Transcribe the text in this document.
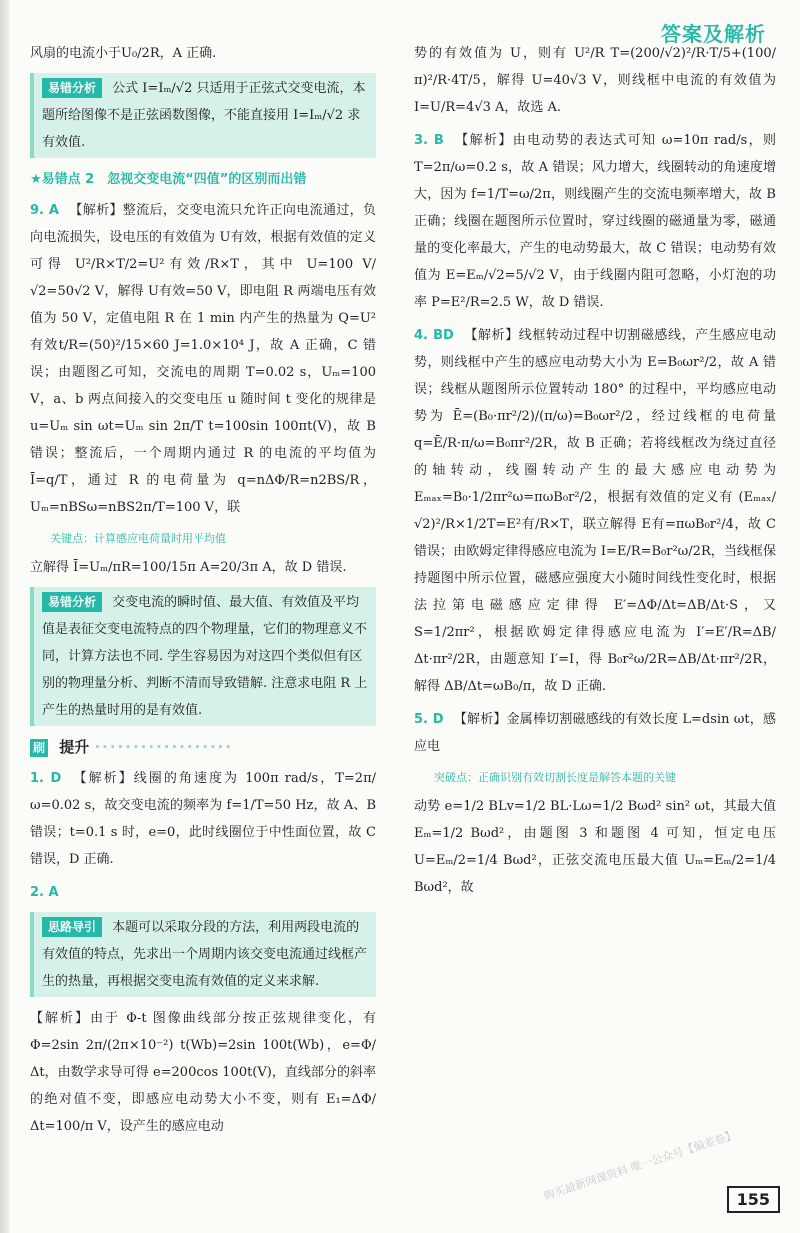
答案及解析

风扇的电流小于U₀/2R，A 正确.

易错分析 公式 I=Iₘ/√2 只适用于正弦式交变电流，本题所给图像不是正弦函数图像，不能直接用 I=Iₘ/√2 求有效值.
★易错点 2　忽视交变电流“四值”的区别而出错

9. A 【解析】整流后，交变电流只允许正向电流通过，负向电流损失，设电压的有效值为 U有效，根据有效值的定义可得 U²/R×T/2=U²有效/R×T，其中 U=100 V/√2=50√2 V，解得 U有效=50 V，即电阻 R 两端电压有效值为 50 V，定值电阻 R 在 1 min 内产生的热量为 Q=U²有效t/R=(50)²/15×60 J=1.0×10⁴ J，故 A 正确，C 错误；由题图乙可知，交流电的周期 T=0.02 s，Uₘ=100 V，a、b 两点间接入的交变电压 u 随时间 t 变化的规律是 u=Uₘ sin ωt=Uₘ sin 2π/T t=100sin 100πt(V)，故 B 错误；整流后，一个周期内通过 R 的电流的平均值为 Ī=q/T，通过 R 的电荷量为 q=nΔΦ/R=n2BS/R，Uₘ=nBSω=nBS2π/T=100 V，联

关键点：计算感应电荷量时用平均值

立解得 Ī=Uₘ/πR=100/15π A=20/3π A，故 D 错误.

易错分析 交变电流的瞬时值、最大值、有效值及平均值是表征交变电流特点的四个物理量，它们的物理意义不同，计算方法也不同. 学生容易因为对这四个类似但有区别的物理量分析、判断不清而导致错解. 注意求电阻 R 上产生的热量时用的是有效值.
刷 提升 ··················

1. D 【解析】线圈的角速度为 100π rad/s，T=2π/ω=0.02 s，故交变电流的频率为 f=1/T=50 Hz，故 A、B 错误；t=0.1 s 时，e=0，此时线圈位于中性面位置，故 C 错误，D 正确.

2. A

思路导引 本题可以采取分段的方法，利用两段电流的有效值的特点，先求出一个周期内该交变电流通过线框产生的热量，再根据交变电流有效值的定义来求解.

【解析】由于 Φ-t 图像曲线部分按正弦规律变化，有 Φ=2sin 2π/(2π×10⁻²) t(Wb)=2sin 100t(Wb)，e=Φ/Δt，由数学求导可得 e=200cos 100t(V)，直线部分的斜率的绝对值不变，即感应电动势大小不变，则有 E₁=ΔΦ/Δt=100/π V，设产生的感应电动

势的有效值为 U，则有 U²/R T=(200/√2)²/R·T/5+(100/π)²/R·4T/5，解得 U=40√3 V，则线框中电流的有效值为 I=U/R=4√3 A，故选 A.

3. B 【解析】由电动势的表达式可知 ω=10π rad/s，则 T=2π/ω=0.2 s，故 A 错误；风力增大，线圈转动的角速度增大，因为 f=1/T=ω/2π，则线圈产生的交流电频率增大，故 B 正确；线圈在题图所示位置时，穿过线圈的磁通量为零，磁通量的变化率最大，产生的电动势最大，故 C 错误；电动势有效值为 E=Eₘ/√2=5/√2 V，由于线圈内阻可忽略，小灯泡的功率 P=E²/R=2.5 W，故 D 错误.

4. BD 【解析】线框转动过程中切割磁感线，产生感应电动势，则线框中产生的感应电动势大小为 E=B₀ωr²/2，故 A 错误；线框从题图所示位置转动 180° 的过程中，平均感应电动势为 Ē=(B₀·πr²/2)/(π/ω)=B₀ωr²/2，经过线框的电荷量 q=Ē/R·π/ω=B₀πr²/2R，故 B 正确；若将线框改为绕过直径的轴转动，线圈转动产生的最大感应电动势为 Eₘₐₓ=B₀·1/2πr²ω=πωB₀r²/2，根据有效值的定义有 (Eₘₐₓ/√2)²/R×1/2T=E²有/R×T，联立解得 E有=πωB₀r²/4，故 C 错误；由欧姆定律得感应电流为 I=E/R=B₀r²ω/2R，当线框保持题图中所示位置，磁感应强度大小随时间线性变化时，根据法拉第电磁感应定律得 E′=ΔΦ/Δt=ΔB/Δt·S，又 S=1/2πr²，根据欧姆定律得感应电流为 I′=E′/R=ΔB/Δt·πr²/2R，由题意知 I′=I，得 B₀r²ω/2R=ΔB/Δt·πr²/2R，解得 ΔB/Δt=ωB₀/π，故 D 正确.

5. D 【解析】金属棒切割磁感线的有效长度 L=dsin ωt，感应电

突破点：正确识别有效切割长度是解答本题的关键

动势 e=1/2 BLv=1/2 BL·Lω=1/2 Bωd² sin² ωt，其最大值 Eₘ=1/2 Bωd²，由题图 3 和题图 4 可知，恒定电压 U=Eₘ/2=1/4 Bωd²，正弦交流电压最大值 Uₘ=Eₘ/2=1/4 Bωd²，故

购买最新网课资料 唯一公众号【偏差卷】 155
